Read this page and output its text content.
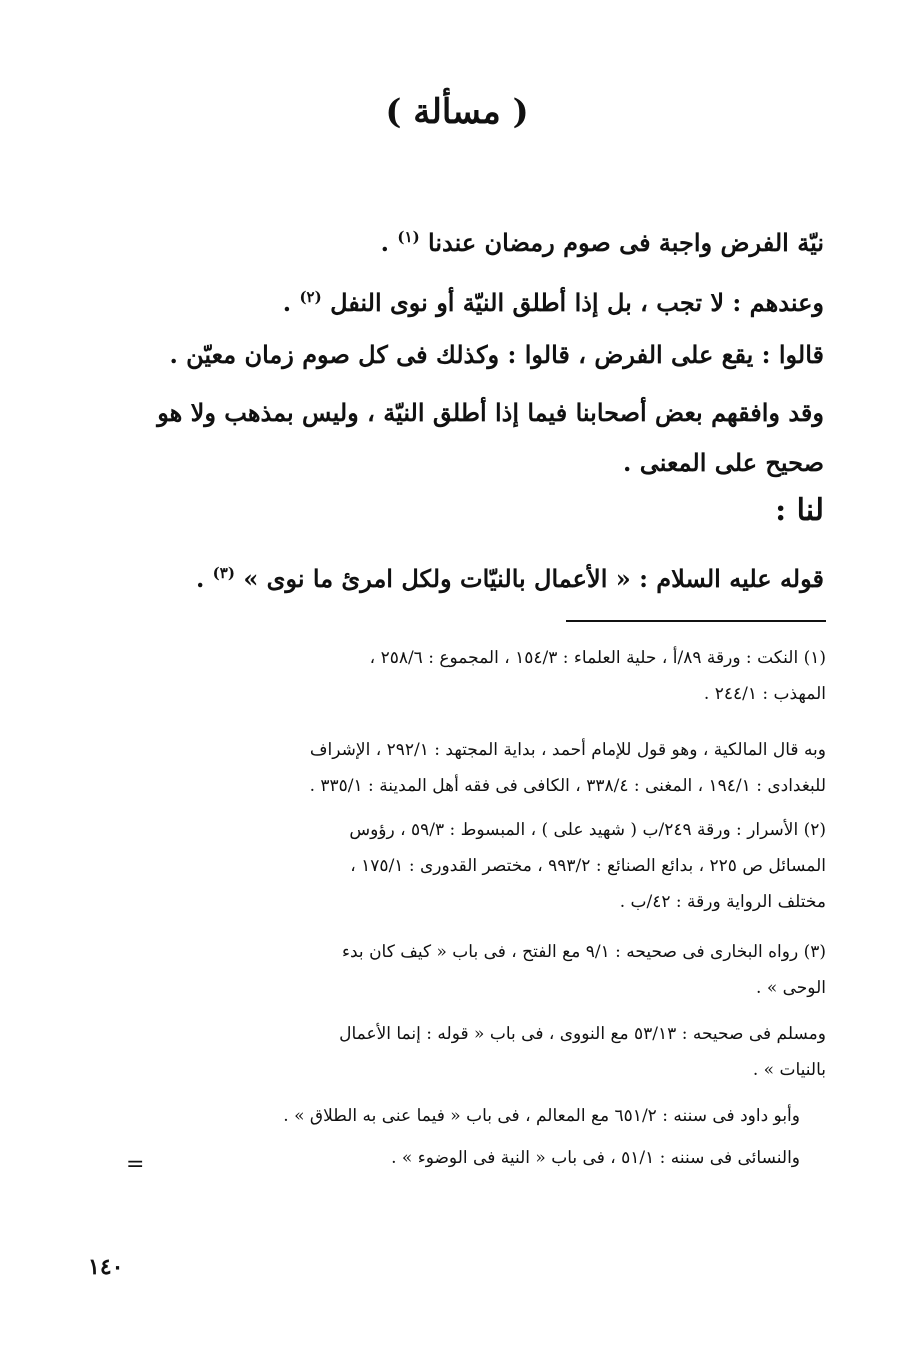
( مسألة )
نيّة الفرض واجبة فى صوم رمضان عندنا $^{(١)}$ .
وعندهم : لا تجب ، بل إذا أطلق النيّة أو نوى النفل $^{(٢)}$ .
قالوا : يقع على الفرض ، قالوا : وكذلك فى كل صوم زمان معيّن .
وقد وافقهم بعض أصحابنا فيما إذا أطلق النيّة ، وليس بمذهب ولا هو
صحيح على المعنى .
لنا :
قوله عليه السلام : « الأعمال بالنيّات ولكل امرئ ما نوى » $^{(٣)}$ .
(١) النكت : ورقة ٨٩/أ ، حلية العلماء : ١٥٤/٣ ، المجموع : ٢٥٨/٦ ،
المهذب : ٢٤٤/١ .
وبه قال المالكية ، وهو قول للإمام أحمد ، بداية المجتهد : ٢٩٢/١ ، الإشراف
للبغدادى : ١٩٤/١ ، المغنى : ٣٣٨/٤ ، الكافى فى فقه أهل المدينة : ٣٣٥/١ .
(٢) الأسرار : ورقة ٢٤٩/ب ( شهيد على ) ، المبسوط : ٥٩/٣ ، رؤوس
المسائل ص ٢٢٥ ، بدائع الصنائع : ٩٩٣/٢ ، مختصر القدورى : ١٧٥/١ ،
مختلف الرواية ورقة : ٤٢/ب .
(٣) رواه البخارى فى صحيحه : ٩/١ مع الفتح ، فى باب « كيف كان بدء
الوحى » .
ومسلم فى صحيحه : ٥٣/١٣ مع النووى ، فى باب « قوله : إنما الأعمال
بالنيات » .
وأبو داود فى سننه : ٦٥١/٢ مع المعالم ، فى باب « فيما عنى به الطلاق » .
والنسائى فى سننه : ٥١/١ ، فى باب « النية فى الوضوء » .
=
١٤٠
